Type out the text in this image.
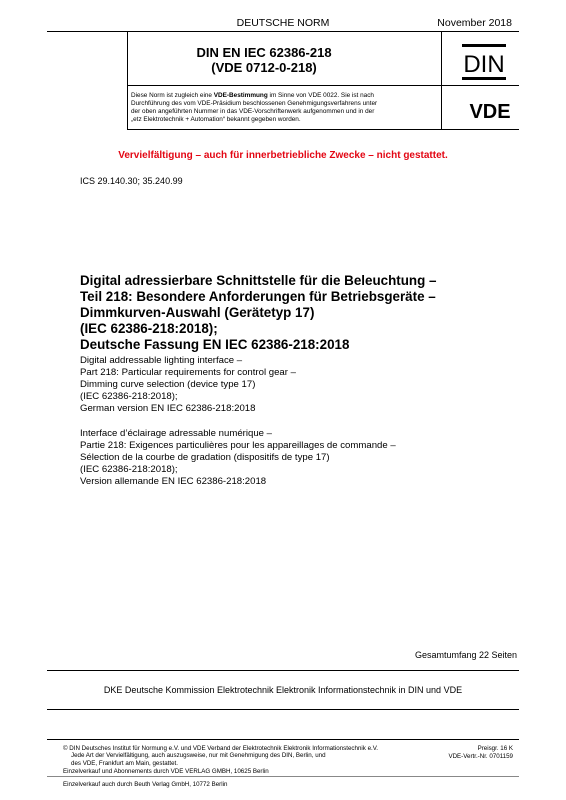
DEUTSCHE NORM	November 2018
DIN EN IEC 62386-218
(VDE 0712-0-218)
Diese Norm ist zugleich eine VDE-Bestimmung im Sinne von VDE 0022. Sie ist nach
Durchführung des vom VDE-Präsidium beschlossenen Genehmigungsverfahrens unter
der oben angeführten Nummer in das VDE-Vorschriftenwerk aufgenommen und in der
„etz Elektrotechnik + Automation“ bekannt gegeben worden.
DIN
VDE
Vervielfältigung – auch für innerbetriebliche Zwecke – nicht gestattet.
ICS 29.140.30; 35.240.99
Digital adressierbare Schnittstelle für die Beleuchtung –
Teil 218: Besondere Anforderungen für Betriebsgeräte –
Dimmkurven-Auswahl (Gerätetyp 17)
(IEC 62386-218:2018);
Deutsche Fassung EN IEC 62386-218:2018
Digital addressable lighting interface –
Part 218: Particular requirements for control gear –
Dimming curve selection (device type 17)
(IEC 62386-218:2018);
German version EN IEC 62386-218:2018
Interface d’éclairage adressable numérique –
Partie 218: Exigences particulières pour les appareillages de commande –
Sélection de la courbe de gradation (dispositifs de type 17)
(IEC 62386-218:2018);
Version allemande EN IEC 62386-218:2018
Gesamtumfang 22 Seiten
DKE Deutsche Kommission Elektrotechnik Elektronik Informationstechnik in DIN und VDE
© DIN Deutsches Institut für Normung e.V. und VDE Verband der Elektrotechnik Elektronik Informationstechnik e.V.
Jede Art der Vervielfältigung, auch auszugsweise, nur mit Genehmigung des DIN, Berlin, und
des VDE, Frankfurt am Main, gestattet.
Preisgr. 16 K
VDE-Vertr.-Nr. 0701159
Einzelverkauf und Abonnements durch VDE VERLAG GMBH, 10625 Berlin
Einzelverkauf auch durch Beuth Verlag GmbH, 10772 Berlin
